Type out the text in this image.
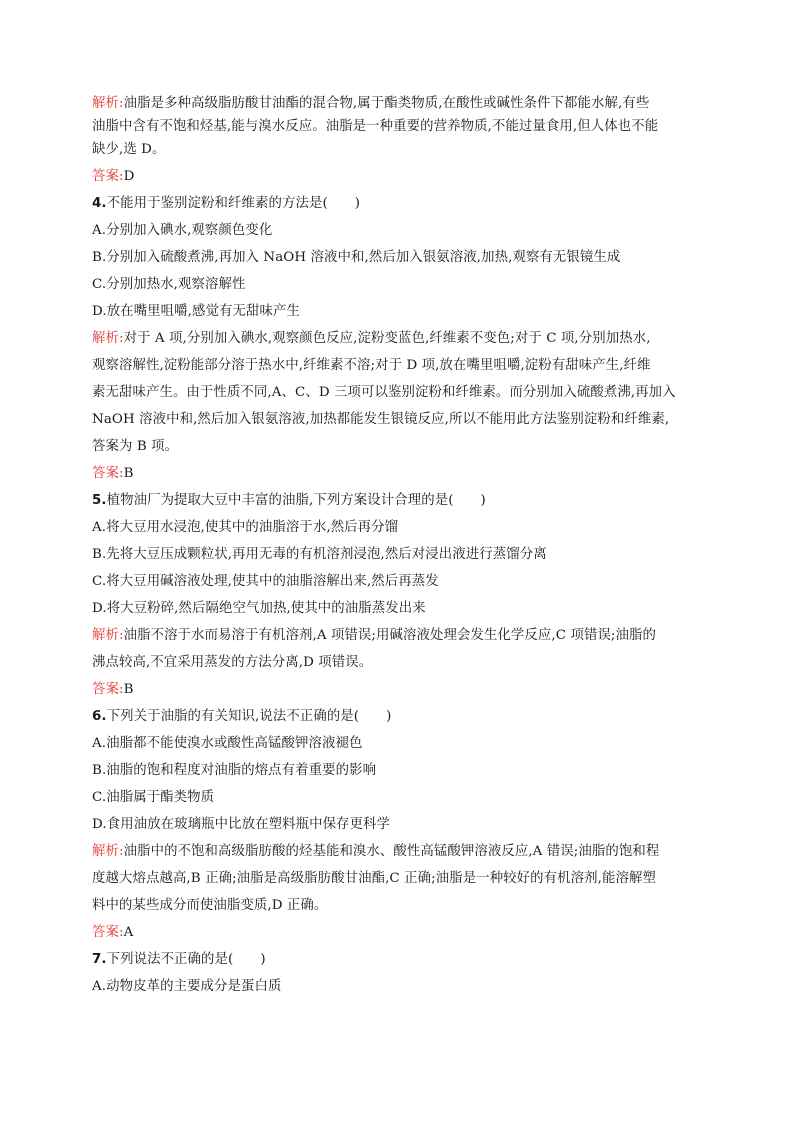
解析:油脂是多种高级脂肪酸甘油酯的混合物,属于酯类物质,在酸性或碱性条件下都能水解,有些
油脂中含有不饱和烃基,能与溴水反应。油脂是一种重要的营养物质,不能过量食用,但人体也不能
缺少,选 D。
答案:D
4.不能用于鉴别淀粉和纤维素的方法是(　　)
A.分别加入碘水,观察颜色变化
B.分别加入硫酸煮沸,再加入 NaOH 溶液中和,然后加入银氨溶液,加热,观察有无银镜生成
C.分别加热水,观察溶解性
D.放在嘴里咀嚼,感觉有无甜味产生
解析:对于 A 项,分别加入碘水,观察颜色反应,淀粉变蓝色,纤维素不变色;对于 C 项,分别加热水,
观察溶解性,淀粉能部分溶于热水中,纤维素不溶;对于 D 项,放在嘴里咀嚼,淀粉有甜味产生,纤维
素无甜味产生。由于性质不同,A、C、D 三项可以鉴别淀粉和纤维素。而分别加入硫酸煮沸,再加入
NaOH 溶液中和,然后加入银氨溶液,加热都能发生银镜反应,所以不能用此方法鉴别淀粉和纤维素,
答案为 B 项。
答案:B
5.植物油厂为提取大豆中丰富的油脂,下列方案设计合理的是(　　)
A.将大豆用水浸泡,使其中的油脂溶于水,然后再分馏
B.先将大豆压成颗粒状,再用无毒的有机溶剂浸泡,然后对浸出液进行蒸馏分离
C.将大豆用碱溶液处理,使其中的油脂溶解出来,然后再蒸发
D.将大豆粉碎,然后隔绝空气加热,使其中的油脂蒸发出来
解析:油脂不溶于水而易溶于有机溶剂,A 项错误;用碱溶液处理会发生化学反应,C 项错误;油脂的
沸点较高,不宜采用蒸发的方法分离,D 项错误。
答案:B
6.下列关于油脂的有关知识,说法不正确的是(　　)
A.油脂都不能使溴水或酸性高锰酸钾溶液褪色
B.油脂的饱和程度对油脂的熔点有着重要的影响
C.油脂属于酯类物质
D.食用油放在玻璃瓶中比放在塑料瓶中保存更科学
解析:油脂中的不饱和高级脂肪酸的烃基能和溴水、酸性高锰酸钾溶液反应,A 错误;油脂的饱和程
度越大熔点越高,B 正确;油脂是高级脂肪酸甘油酯,C 正确;油脂是一种较好的有机溶剂,能溶解塑
料中的某些成分而使油脂变质,D 正确。
答案:A
7.下列说法不正确的是(　　)
A.动物皮革的主要成分是蛋白质
